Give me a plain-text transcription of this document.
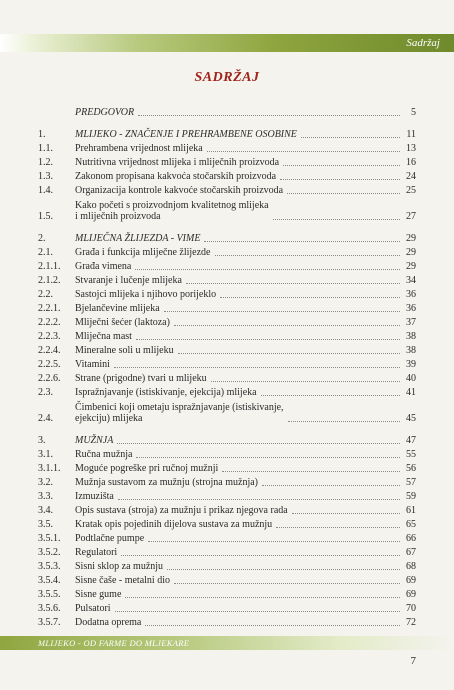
Sadržaj
SADRŽAJ
PREDGOVOR	5
1.	MLIJEKO - ZNAČENJE I PREHRAMBENE OSOBINE	11
1.1.	Prehrambena vrijednost mlijeka	13
1.2.	Nutritivna vrijednost mlijeka i mliječnih proizvoda	16
1.3.	Zakonom propisana kakvoća stočarskih proizvoda	24
1.4.	Organizacija kontrole kakvoće stočarskih proizvoda	25
1.5.
Kako početi s proizvodnjom kvalitetnog mlijeka
i mliječnih proizvoda	27
2.	MLIJEČNA ŽLIJEZDA - VIME	29
2.1.	Građa i funkcija mliječne žlijezde	29
2.1.1.	Građa vimena	29
2.1.2.	Stvaranje i lučenje mlijeka	34
2.2.	Sastojci mlijeka i njihovo porijeklo	36
2.2.1.	Bjelančevine mlijeka	36
2.2.2.	Mliječni šećer (laktoza)	37
2.2.3.	Mliječna mast	38
2.2.4.	Mineralne soli u mlijeku	38
2.2.5.	Vitamini	39
2.2.6.	Strane (prigodne) tvari u mlijeku	40
2.3.	Ispražnjavanje (istiskivanje, ejekcija) mlijeka	41
2.4.
Čimbenici koji ometaju ispražnjavanje (istiskivanje,
ejekciju) mlijeka	45
3.	MUŽNJA	47
3.1.	Ručna mužnja	55
3.1.1.	Moguće pogreške pri ručnoj mužnji	56
3.2.	Mužnja sustavom za mužnju (strojna mužnja)	57
3.3.	Izmuzišta	59
3.4.	Opis sustava (stroja) za mužnju i prikaz njegova rada	61
3.5.	Kratak opis pojedinih dijelova sustava za mužnju	65
3.5.1.	Podtlačne pumpe	66
3.5.2.	Regulatori	67
3.5.3.	Sisni sklop za mužnju	68
3.5.4.	Sisne čaše - metalni dio	69
3.5.5.	Sisne gume	69
3.5.6.	Pulsatori	70
3.5.7.	Dodatna oprema	72
MLIJEKO - OD FARME DO MLJEKARE
7
